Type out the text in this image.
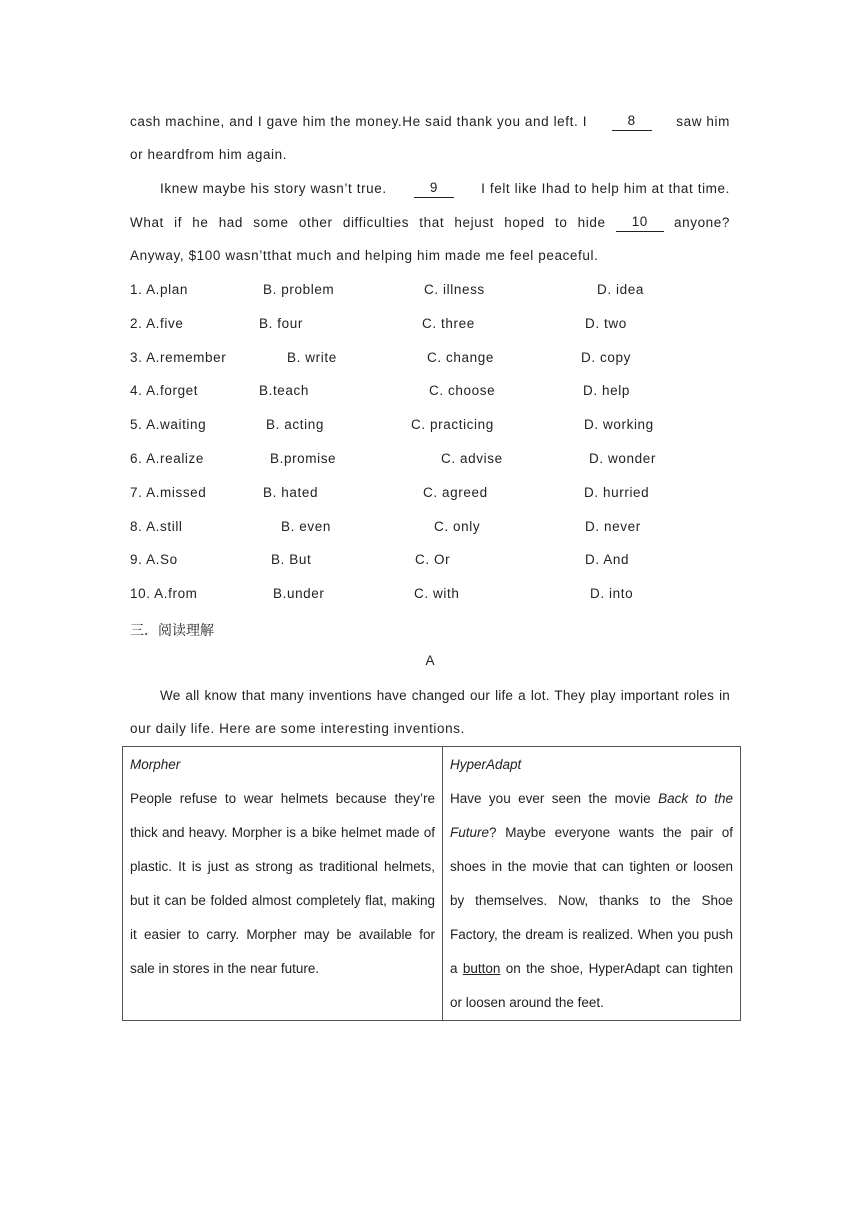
cash machine, and I gave him the money.He said thank you and left. I	8	saw him
or heardfrom him again.
Iknew maybe his story wasn’t true.	9	I felt like Ihad to help him at that time.
What if he had some other difficulties that hejust hoped to hide	10	anyone?
Anyway, $100 wasn’tthat much and helping him made me feel peaceful.
1. A.plan	B. problem	C. illness	D. idea
2. A.five	B. four	C. three	D. two
3. A.remember	B. write	C. change	D. copy
4. A.forget	B.teach	C. choose	D. help
5. A.waiting	B. acting	C. practicing	D. working
6. A.realize	B.promise	C. advise	D. wonder
7. A.missed	B. hated	C. agreed	D. hurried
8. A.still	B. even	C. only	D. never
9. A.So	B. But	C. Or	D. And
10. A.from	B.under	C. with	D. into
三．阅读理解
A
We all know that many inventions have changed our life a lot. They play important roles in
our daily life. Here are some interesting inventions.
Morpher
People refuse to wear helmets because they’re thick and heavy. Morpher is a bike helmet made of plastic. It is just as strong as traditional helmets, but it can be folded almost completely flat, making it easier to carry. Morpher may be available for sale in stores in the near future.

HyperAdapt
Have you ever seen the movie Back to the Future? Maybe everyone wants the pair of shoes in the movie that can tighten or loosen by themselves. Now, thanks to the Shoe Factory, the dream is realized. When you push a button on the shoe, HyperAdapt can tighten or loosen around the feet.
